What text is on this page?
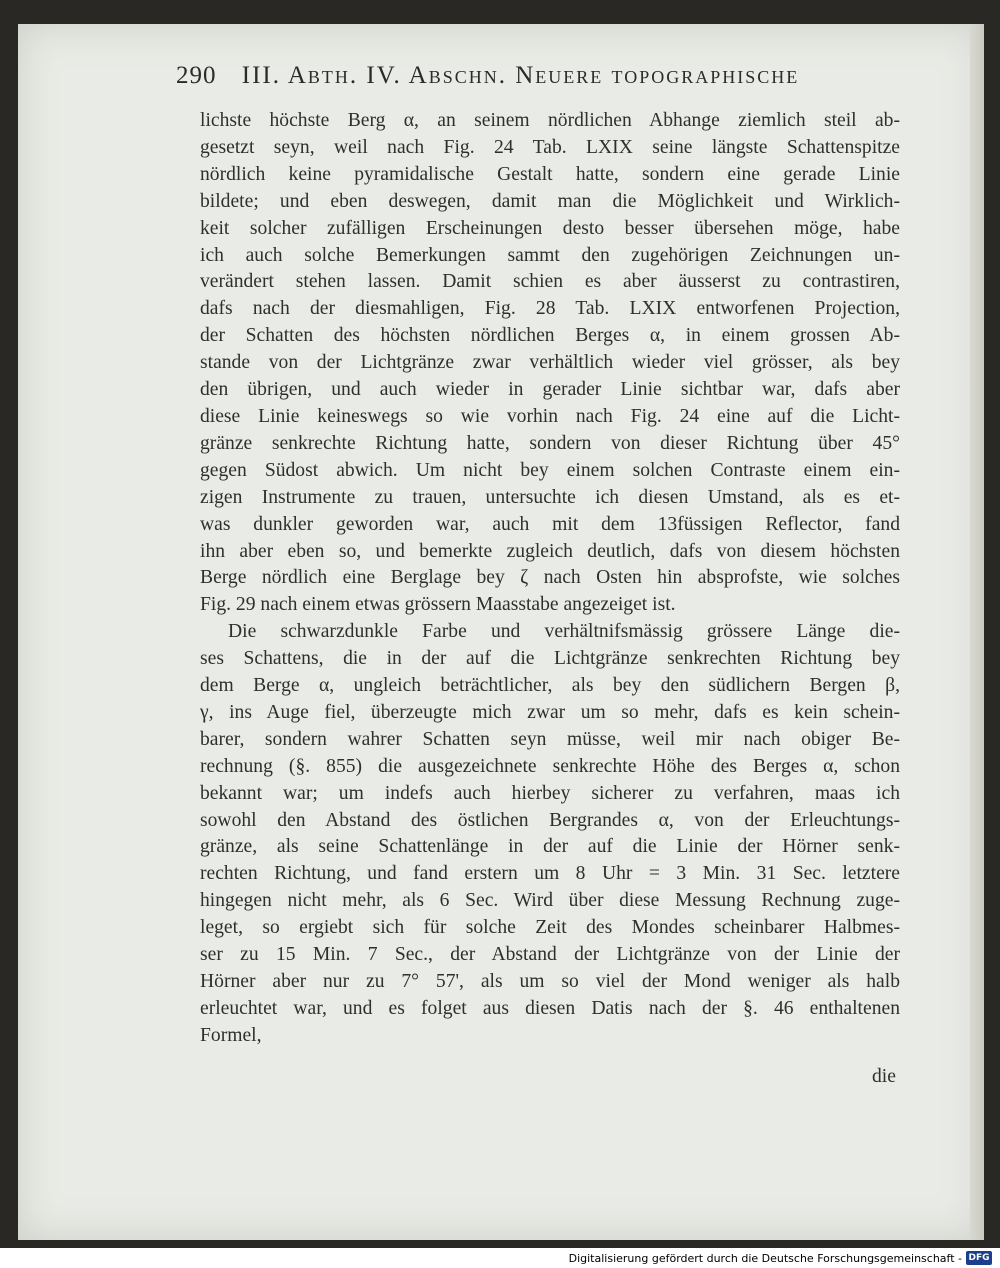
290 III. Abth. IV. Abschn. Neuere topographische
lichste höchste Berg α, an seinem nördlichen Abhange ziemlich steil ab-
gesetzt seyn, weil nach Fig. 24 Tab. LXIX seine längste Schattenspitze
nördlich keine pyramidalische Gestalt hatte, sondern eine gerade Linie
bildete; und eben deswegen, damit man die Möglichkeit und Wirklich-
keit solcher zufälligen Erscheinungen desto besser übersehen möge, habe
ich auch solche Bemerkungen sammt den zugehörigen Zeichnungen un-
verändert stehen lassen. Damit schien es aber äusserst zu contrastiren,
dafs nach der diesmahligen, Fig. 28 Tab. LXIX entworfenen Projection,
der Schatten des höchsten nördlichen Berges α, in einem grossen Ab-
stande von der Lichtgränze zwar verhältlich wieder viel grösser, als bey
den übrigen, und auch wieder in gerader Linie sichtbar war, dafs aber
diese Linie keineswegs so wie vorhin nach Fig. 24 eine auf die Licht-
gränze senkrechte Richtung hatte, sondern von dieser Richtung über 45°
gegen Südost abwich. Um nicht bey einem solchen Contraste einem ein-
zigen Instrumente zu trauen, untersuchte ich diesen Umstand, als es et-
was dunkler geworden war, auch mit dem 13füssigen Reflector, fand
ihn aber eben so, und bemerkte zugleich deutlich, dafs von diesem höchsten
Berge nördlich eine Berglage bey ζ nach Osten hin absprofste, wie solches
Fig. 29 nach einem etwas grössern Maasstabe angezeiget ist.
Die schwarzdunkle Farbe und verhältnifsmässig grössere Länge die-
ses Schattens, die in der auf die Lichtgränze senkrechten Richtung bey
dem Berge α, ungleich beträchtlicher, als bey den südlichern Bergen β,
γ, ins Auge fiel, überzeugte mich zwar um so mehr, dafs es kein schein-
barer, sondern wahrer Schatten seyn müsse, weil mir nach obiger Be-
rechnung (§. 855) die ausgezeichnete senkrechte Höhe des Berges α, schon
bekannt war; um indefs auch hierbey sicherer zu verfahren, maas ich
sowohl den Abstand des östlichen Bergrandes α, von der Erleuchtungs-
gränze, als seine Schattenlänge in der auf die Linie der Hörner senk-
rechten Richtung, und fand erstern um 8 Uhr = 3 Min. 31 Sec. letztere
hingegen nicht mehr, als 6 Sec. Wird über diese Messung Rechnung zuge-
leget, so ergiebt sich für solche Zeit des Mondes scheinbarer Halbmes-
ser zu 15 Min. 7 Sec., der Abstand der Lichtgränze von der Linie der
Hörner aber nur zu 7° 57', als um so viel der Mond weniger als halb
erleuchtet war, und es folget aus diesen Datis nach der §. 46 enthaltenen
Formel,
die
Digitalisierung gefördert durch die Deutsche Forschungsgemeinschaft - DFG
